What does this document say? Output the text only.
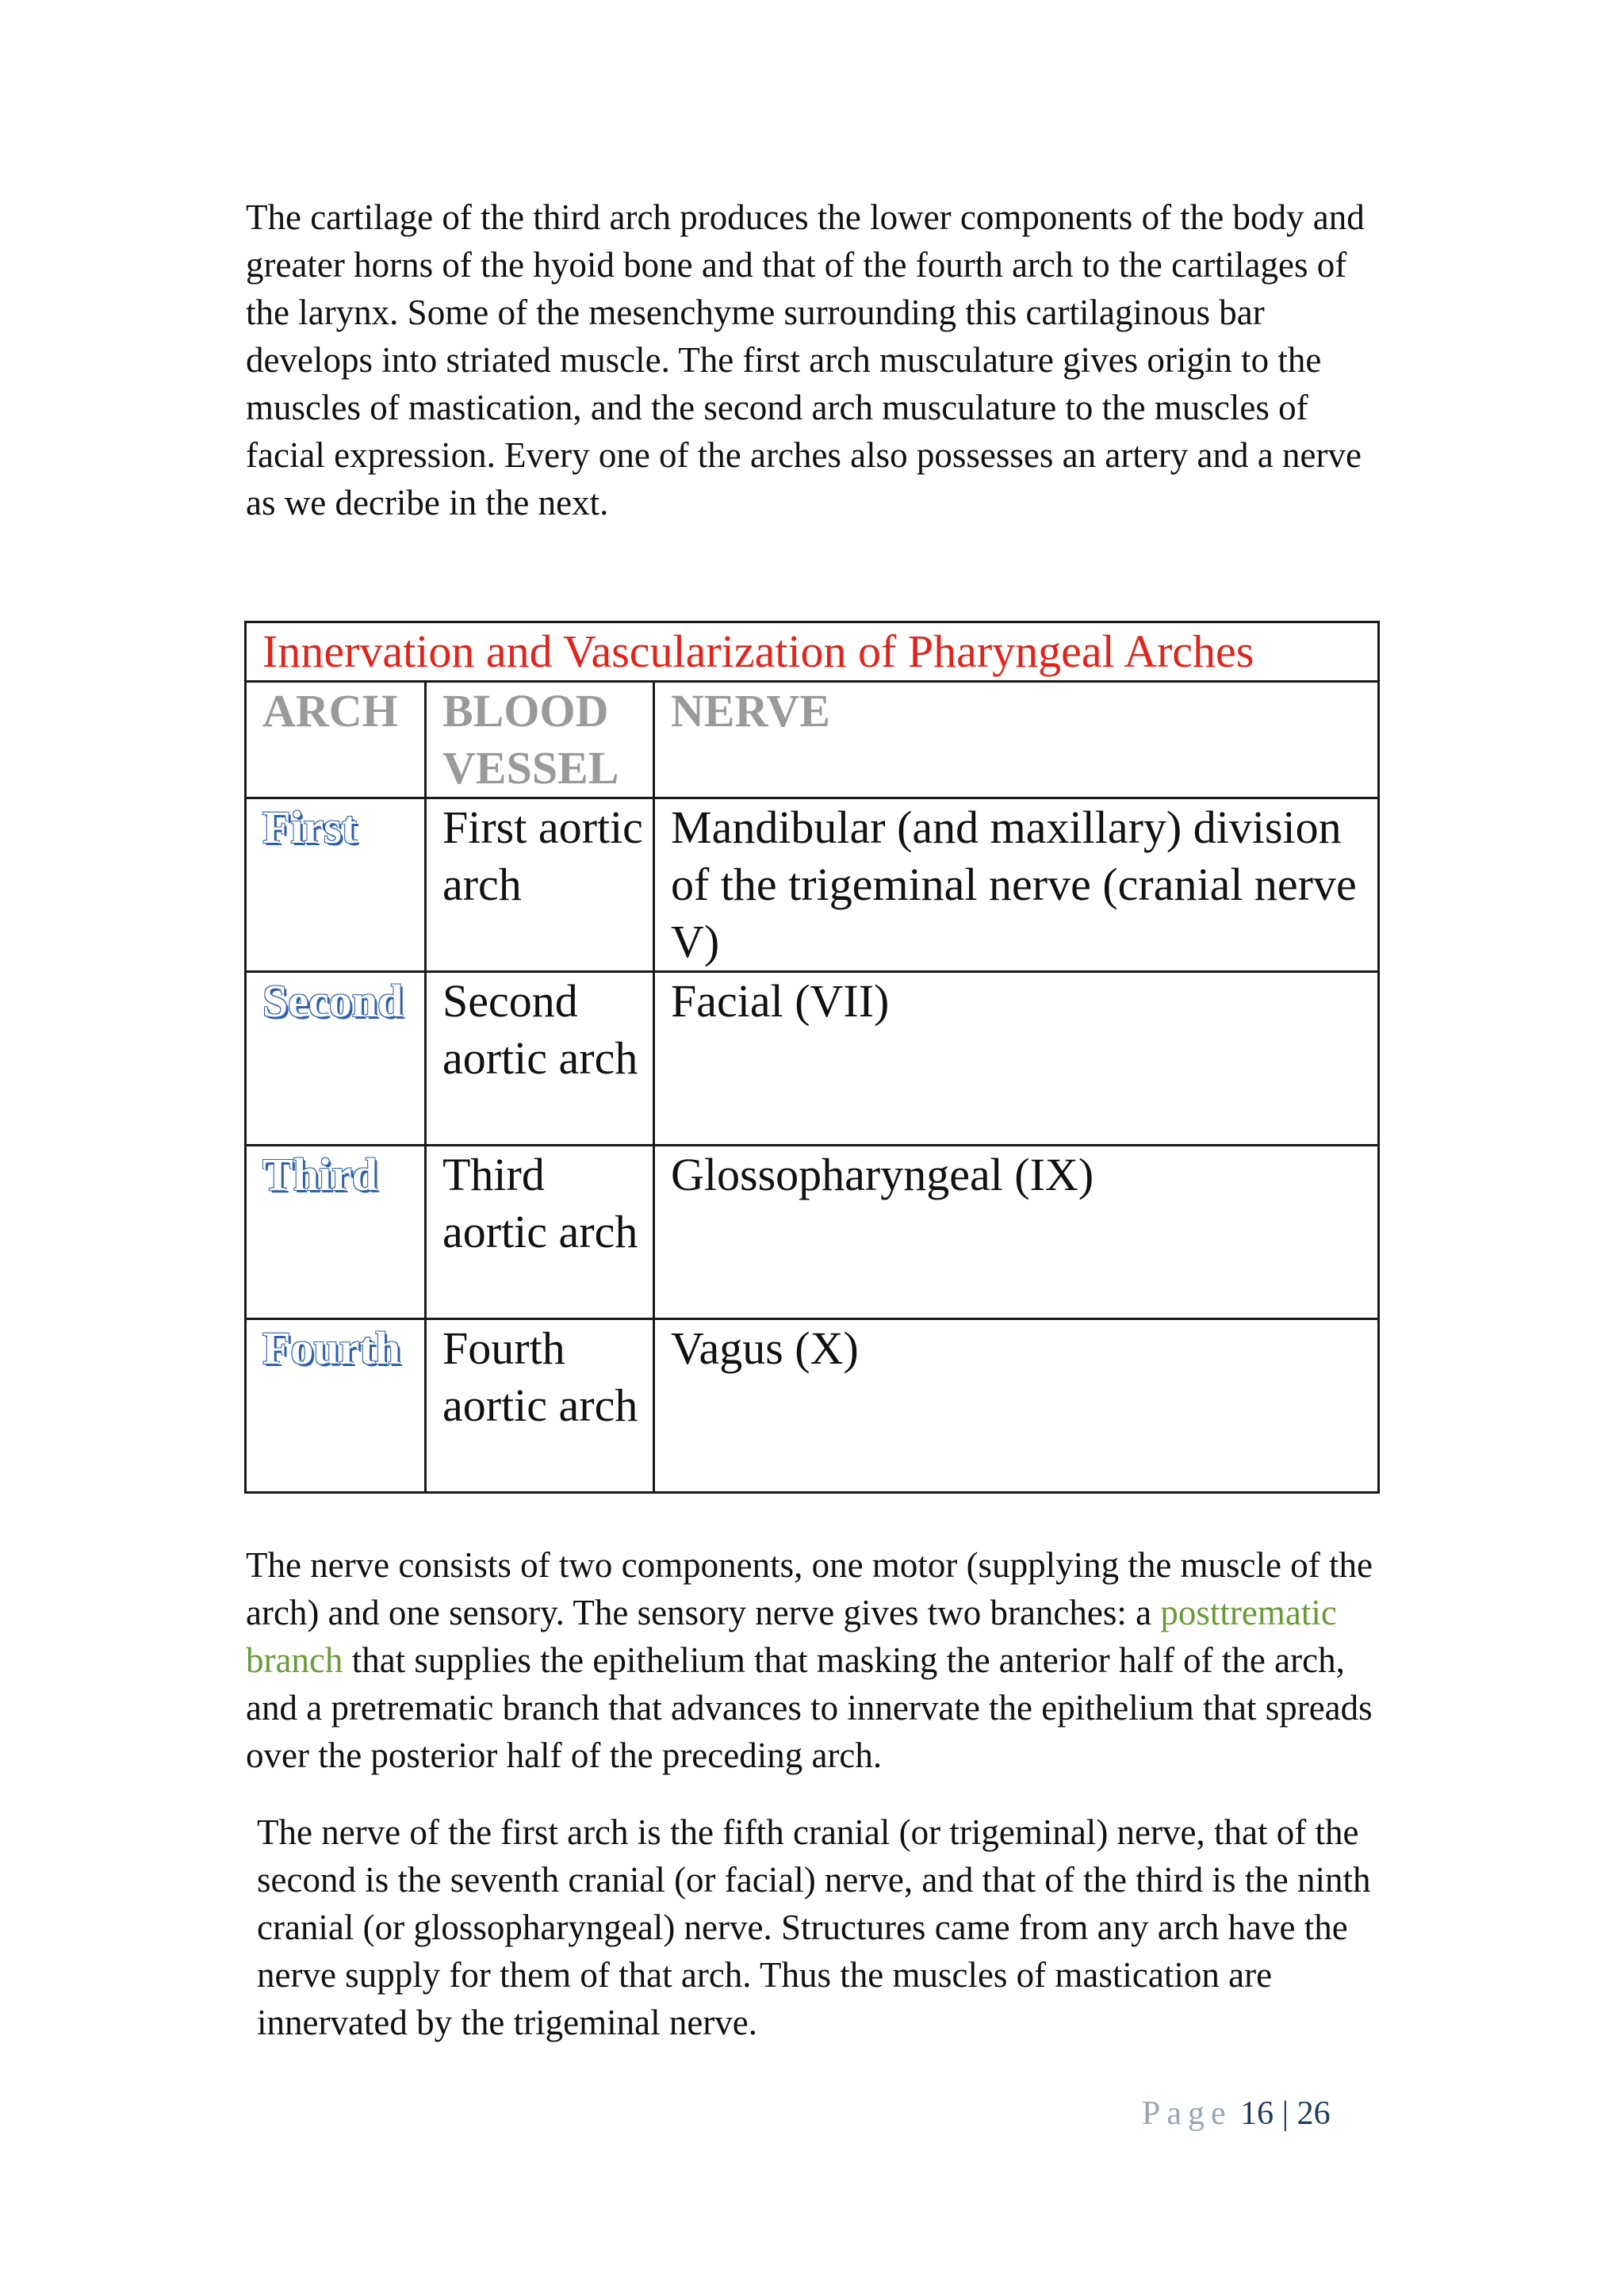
The cartilage of the third arch produces the lower components of the body and greater horns of the hyoid bone and that of the fourth arch to the cartilages of the larynx. Some of the mesenchyme surrounding this cartilaginous bar develops into striated muscle. The first arch musculature gives origin to the muscles of mastication, and the second arch musculature to the muscles of facial expression. Every one of the arches also possesses an artery and a nerve as we decribe in the next.

Innervation and Vascularization of Pharyngeal Arches		
ARCH	BLOOD VESSEL	NERVE
First	First aortic arch	Mandibular (and maxillary) division of the trigeminal nerve (cranial nerve V)
Second	Second aortic arch	Facial (VII)
Third	Third aortic arch	Glossopharyngeal (IX)
Fourth	Fourth aortic arch	Vagus (X)

The nerve consists of two components, one motor (supplying the muscle of the arch) and one sensory. The sensory nerve gives two branches: a posttrematic branch that supplies the epithelium that masking the anterior half of the arch, and a pretrematic branch that advances to innervate the epithelium that spreads over the posterior half of the preceding arch.

The nerve of the first arch is the fifth cranial (or trigeminal) nerve, that of the second is the seventh cranial (or facial) nerve, and that of the third is the ninth cranial (or glossopharyngeal) nerve. Structures came from any arch have the nerve supply for them of that arch. Thus the muscles of mastication are innervated by the trigeminal nerve.

Page 16 | 26
